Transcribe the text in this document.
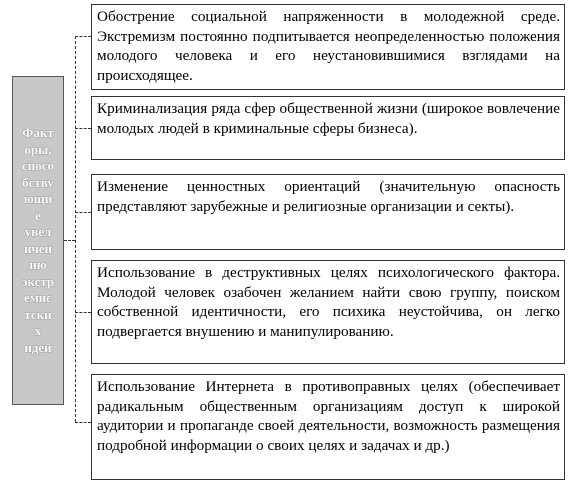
Факт
оры,
спосо
бству
ющи
е
увел
ичен
ию
экстр
емис
тски
х
идей
Обострение социальной напряженности в молодежной среде. Экстремизм постоянно подпитывается неопределенностью положения молодого человека и его неустановившимися взглядами на происходящее.
Криминализация ряда сфер общественной жизни (широкое вовлечение молодых людей в криминальные сферы бизнеса).
Изменение ценностных ориентаций (значительную опасность представляют зарубежные и религиозные организации и секты).
Использование в деструктивных целях психологического фактора. Молодой человек озабочен желанием найти свою группу, поиском собственной идентичности, его психика неустойчива, он легко подвергается внушению и манипулированию.
Использование Интернета в противоправных целях (обеспечивает радикальным общественным организациям доступ к широкой аудитории и пропаганде своей деятельности, возможность размещения подробной информации о своих целях и задачах и др.)
